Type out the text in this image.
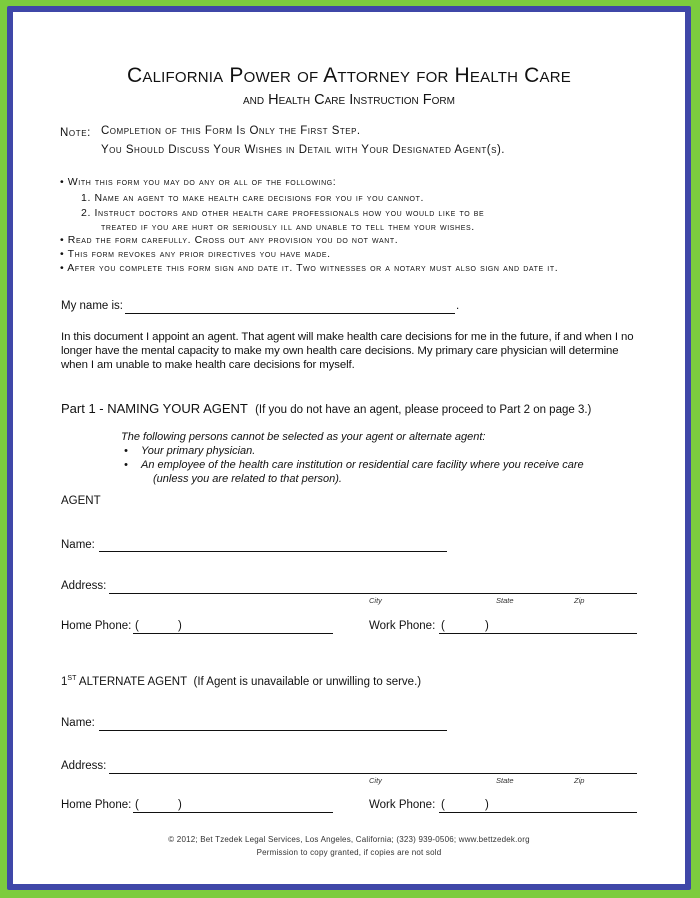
California Power of Attorney for Health Care
and Health Care Instruction Form
Note: Completion of this Form Is Only the First Step.
You Should Discuss Your Wishes in Detail with Your Designated Agent(s).
• With this form you may do any or all of the following:
1. Name an agent to make health care decisions for you if you cannot.
2. Instruct doctors and other health care professionals how you would like to be
treated if you are hurt or seriously ill and unable to tell them your wishes.
• Read the form carefully. Cross out any provision you do not want.
• This form revokes any prior directives you have made.
• After you complete this form sign and date it. Two witnesses or a notary must also sign and date it.
My name is:	.
In this document I appoint an agent. That agent will make health care decisions for me in the future, if and when I no longer have the mental capacity to make my own health care decisions. My primary care physician will determine when I am unable to make health care decisions for myself.
Part 1 - NAMING YOUR AGENT (If you do not have an agent, please proceed to Part 2 on page 3.)
The following persons cannot be selected as your agent or alternate agent:
• Your primary physician.
• An employee of the health care institution or residential care facility where you receive care
(unless you are related to that person).
AGENT
Name:
Address:
City	State	Zip
Home Phone: (	)	Work Phone: (	)
1ST ALTERNATE AGENT (If Agent is unavailable or unwilling to serve.)
Name:
Address:
City	State	Zip
Home Phone: (	)	Work Phone: (	)
© 2012; Bet Tzedek Legal Services, Los Angeles, California; (323) 939-0506; www.bettzedek.org
Permission to copy granted, if copies are not sold
